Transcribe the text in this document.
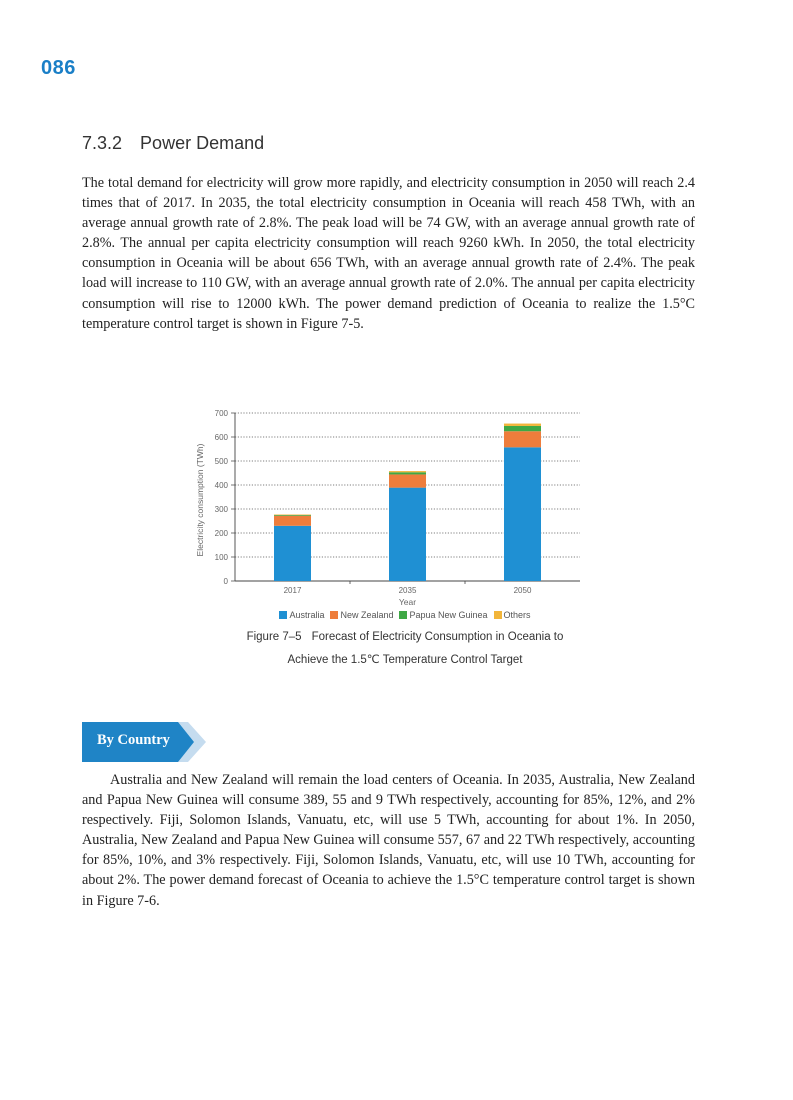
086
7.3.2 Power Demand

The total demand for electricity will grow more rapidly, and electricity consumption in 2050 will reach 2.4 times that of 2017. In 2035, the total electricity consumption in Oceania will reach 458 TWh, with an average annual growth rate of 2.8%. The peak load will be 74 GW, with an average annual growth rate of 2.8%. The annual per capita electricity consumption will reach 9260 kWh. In 2050, the total electricity consumption in Oceania will be about 656 TWh, with an average annual growth rate of 2.4%. The peak load will increase to 110 GW, with an average annual growth rate of 2.0%. The annual per capita electricity consumption will rise to 12000 kWh. The power demand prediction of Oceania to realize the 1.5°C temperature control target is shown in Figure 7-5.

0
100
200
300
400
500
600
700
2017	2035	2050
Year
Electricity consumption (TWh)
Australia New Zealand Papua New Guinea Others
Figure 7–5 Forecast of Electricity Consumption in Oceania to
Achieve the 1.5℃ Temperature Control Target
By Country

Australia and New Zealand will remain the load centers of Oceania. In 2035, Australia, New Zealand and Papua New Guinea will consume 389, 55 and 9 TWh respectively, accounting for 85%, 12%, and 2% respectively. Fiji, Solomon Islands, Vanuatu, etc, will use 5 TWh, accounting for about 1%. In 2050, Australia, New Zealand and Papua New Guinea will consume 557, 67 and 22 TWh respectively, accounting for 85%, 10%, and 3% respectively. Fiji, Solomon Islands, Vanuatu, etc, will use 10 TWh, accounting for about 2%. The power demand forecast of Oceania to achieve the 1.5°C temperature control target is shown in Figure 7-6.
